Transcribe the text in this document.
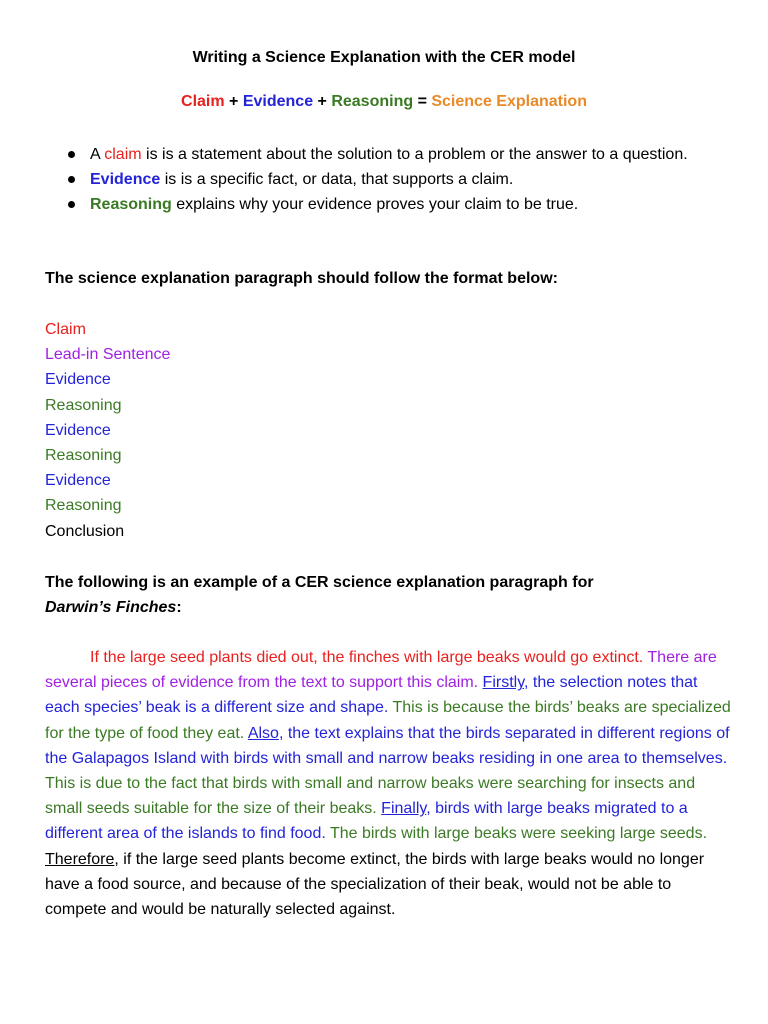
Writing a Science Explanation with the CER model
Claim + Evidence + Reasoning = Science Explanation
A claim is is a statement about the solution to a problem or the answer to a question.
Evidence is is a specific fact, or data, that supports a claim.
Reasoning explains why your evidence proves your claim to be true.
The science explanation paragraph should follow the format below:
Claim
Lead-in Sentence
Evidence
Reasoning
Evidence
Reasoning
Evidence
Reasoning
Conclusion
The following is an example of a CER science explanation paragraph for
Darwin’s Finches:

If the large seed plants died out, the finches with large beaks would go extinct. There are several pieces of evidence from the text to support this claim. Firstly, the selection notes that each species’ beak is a different size and shape. This is because the birds’ beaks are specialized for the type of food they eat. Also, the text explains that the birds separated in different regions of the Galapagos Island with birds with small and narrow beaks residing in one area to themselves. This is due to the fact that birds with small and narrow beaks were searching for insects and small seeds suitable for the size of their beaks. Finally, birds with large beaks migrated to a different area of the islands to find food. The birds with large beaks were seeking large seeds. Therefore, if the large seed plants become extinct, the birds with large beaks would no longer have a food source, and because of the specialization of their beak, would not be able to compete and would be naturally selected against.
